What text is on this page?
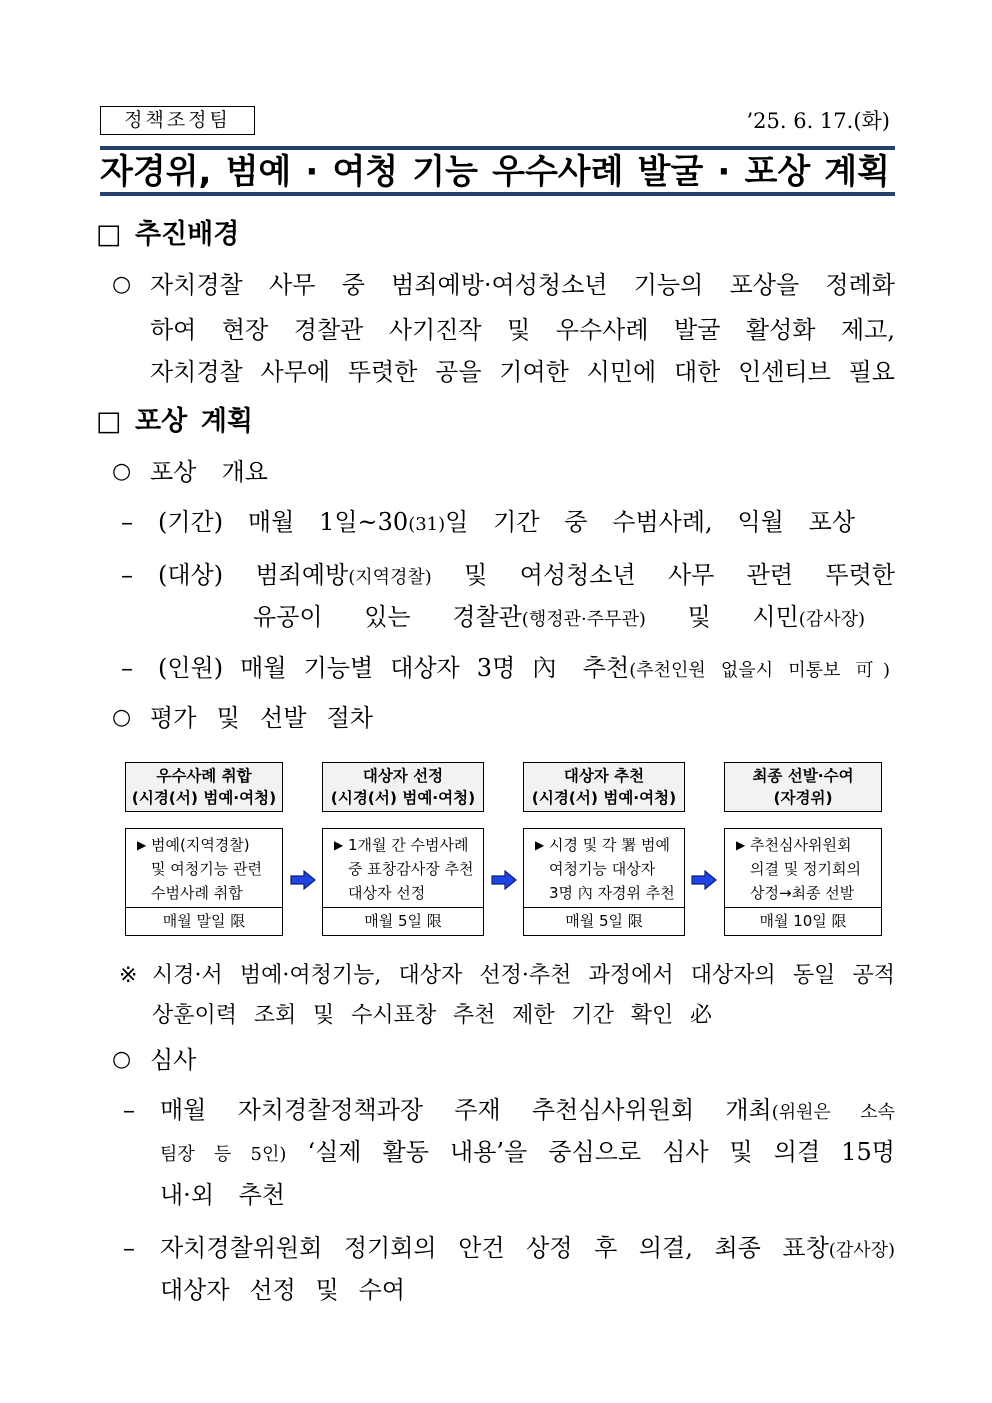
정책조정팀	’25. 6. 17.(화)
자경위, 범예 · 여청 기능 우수사례 발굴 · 포상 계획
□ 추진배경
○ 자치경찰 사무 중 범죄예방·여성청소년 기능의 포상을 정례화
하여 현장 경찰관 사기진작 및 우수사례 발굴 활성화 제고,
자치경찰 사무에 뚜렷한 공을 기여한 시민에 대한 인센티브 필요
□ 포상 계획
○ 포상 개요
– (기간) 매월 1일~30(31)일 기간 중 수범사례, 익월 포상
– (대상) 범죄예방(지역경찰) 및 여성청소년 사무 관련 뚜렷한
유공이 있는 경찰관(행정관·주무관) 및 시민(감사장)
– (인원) 매월 기능별 대상자 3명 內 추천(추천인원 없을시 미통보 可)
○ 평가 및 선발 절차
우수사례 취합
(시경(서) 범예·여청)
대상자 선정
(시경(서) 범예·여청)
대상자 추천
(시경(서) 범예·여청)
최종 선발·수여
(자경위)
▶ 범예(지역경찰)
및 여청기능 관련
수범사례 취합
매월 말일 限
▶ 1개월 간 수범사례
중 표창감사장 추천
대상자 선정
매월 5일 限
▶ 시경 및 각 署 범예
여청기능 대상자
3명 內 자경위 추천
매월 5일 限
▶ 추천심사위원회
의결 및 정기회의
상정→최종 선발
매월 10일 限
※ 시경·서 범예·여청기능, 대상자 선정·추천 과정에서 대상자의 동일 공적
상훈이력 조회 및 수시표창 추천 제한 기간 확인 必
○ 심사
– 매월 자치경찰정책과장 주재 추천심사위원회 개최(위원은 소속
팀장 등 5인) ‘실제 활동 내용’을 중심으로 심사 및 의결 15명
내·외 추천
– 자치경찰위원회 정기회의 안건 상정 후 의결, 최종 표창(감사장)
대상자 선정 및 수여
